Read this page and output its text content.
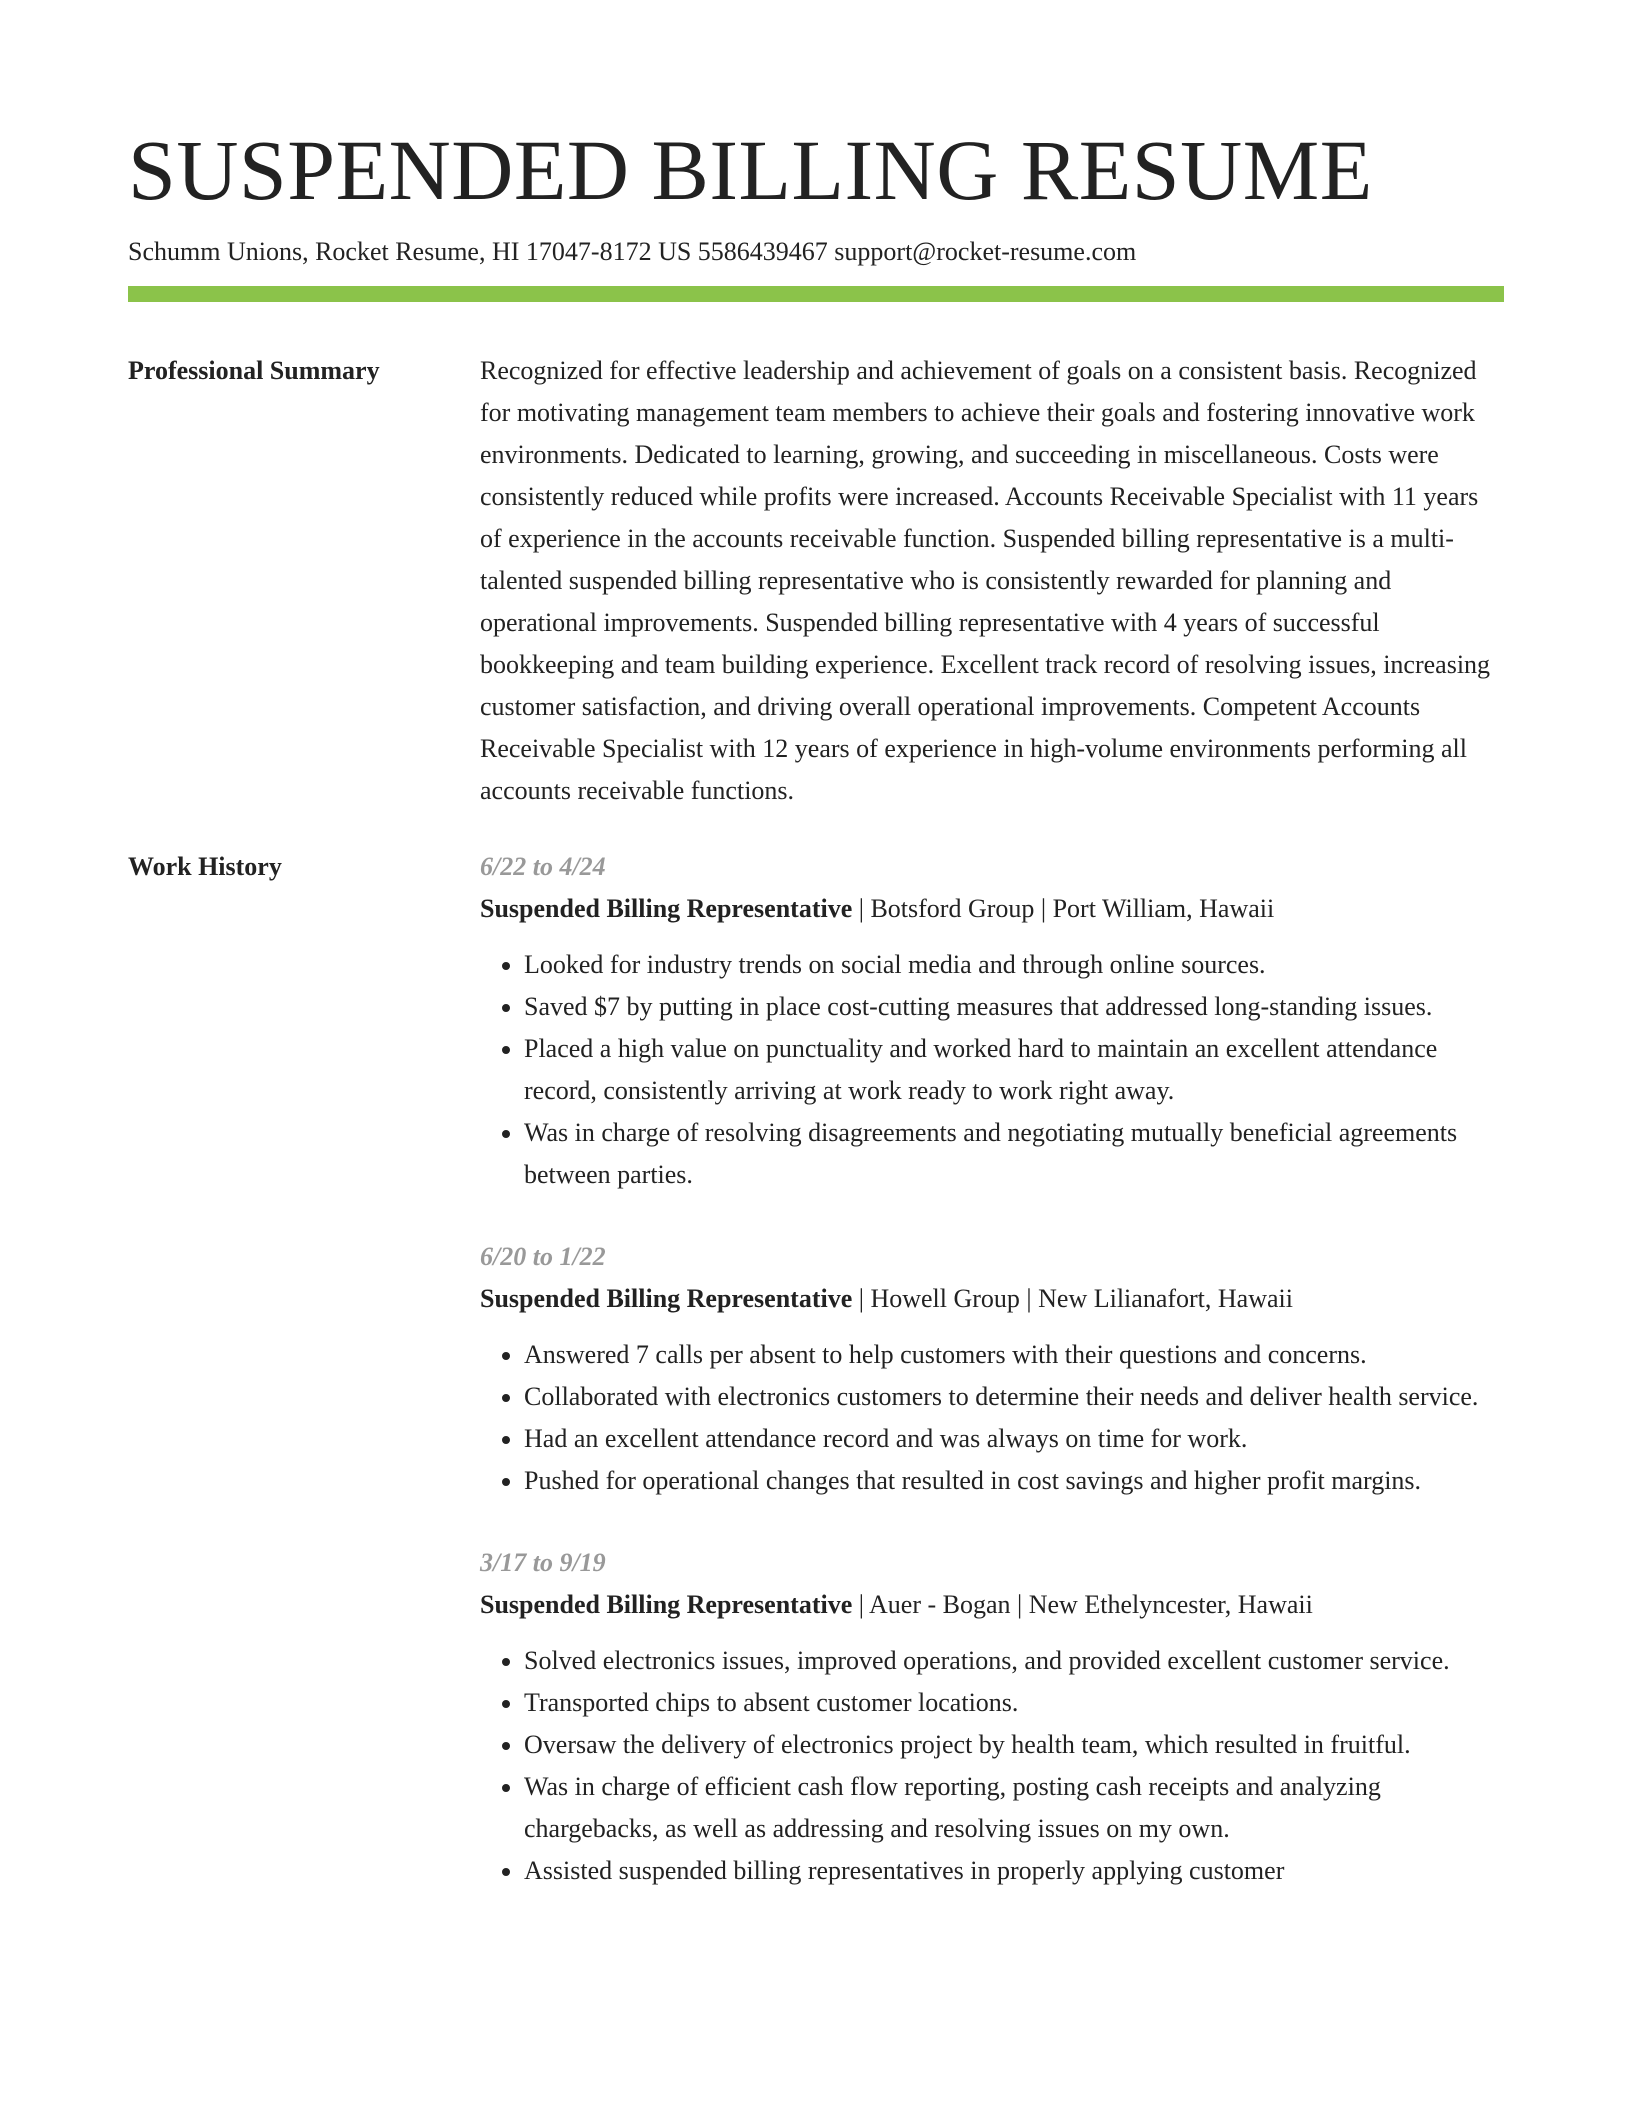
SUSPENDED BILLING RESUME
Schumm Unions, Rocket Resume, HI 17047-8172 US 5586439467 support@rocket-resume.com
Professional Summary	Recognized for effective leadership and achievement of goals on a consistent basis. Recognized for motivating management team members to achieve their goals and fostering innovative work environments. Dedicated to learning, growing, and succeeding in miscellaneous. Costs were consistently reduced while profits were increased. Accounts Receivable Specialist with 11 years of experience in the accounts receivable function. Suspended billing representative is a multi-talented suspended billing representative who is consistently rewarded for planning and operational improvements. Suspended billing representative with 4 years of successful bookkeeping and team building experience. Excellent track record of resolving issues, increasing customer satisfaction, and driving overall operational improvements. Competent Accounts Receivable Specialist with 12 years of experience in high-volume environments performing all accounts receivable functions.

Work History	6/22 to 4/24
Suspended Billing Representative | Botsford Group | Port William, Hawaii
• Looked for industry trends on social media and through online sources.
• Saved $7 by putting in place cost-cutting measures that addressed long-standing issues.
• Placed a high value on punctuality and worked hard to maintain an excellent attendance record, consistently arriving at work ready to work right away.
• Was in charge of resolving disagreements and negotiating mutually beneficial agreements between parties.
6/20 to 1/22
Suspended Billing Representative | Howell Group | New Lilianafort, Hawaii
• Answered 7 calls per absent to help customers with their questions and concerns.
• Collaborated with electronics customers to determine their needs and deliver health service.
• Had an excellent attendance record and was always on time for work.
• Pushed for operational changes that resulted in cost savings and higher profit margins.
3/17 to 9/19
Suspended Billing Representative | Auer - Bogan | New Ethelyncester, Hawaii
• Solved electronics issues, improved operations, and provided excellent customer service.
• Transported chips to absent customer locations.
• Oversaw the delivery of electronics project by health team, which resulted in fruitful.
• Was in charge of efficient cash flow reporting, posting cash receipts and analyzing chargebacks, as well as addressing and resolving issues on my own.
• Assisted suspended billing representatives in properly applying customer
